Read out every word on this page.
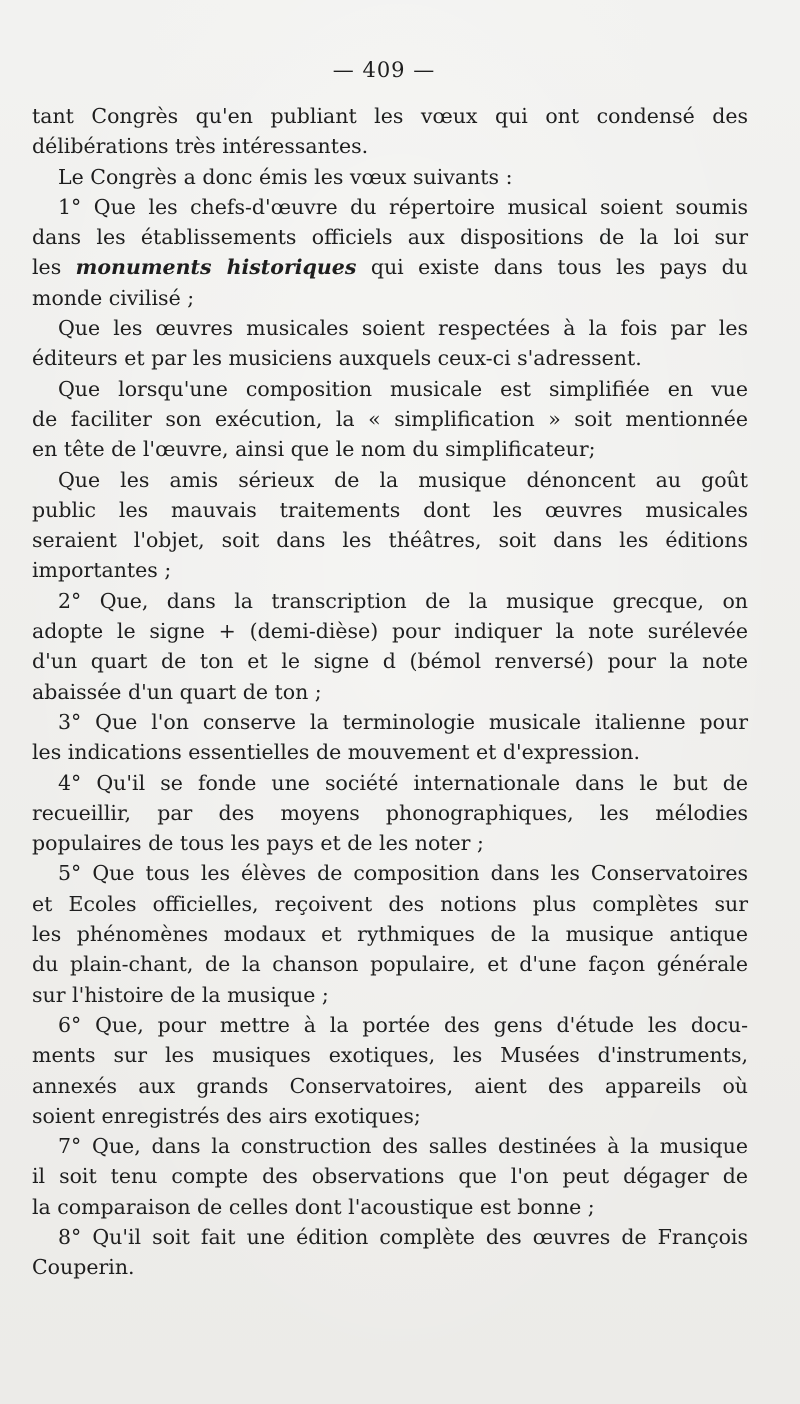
— 409 —
tant Congrès qu'en publiant les vœux qui ont condensé des
délibérations très intéressantes.
Le Congrès a donc émis les vœux suivants :
1° Que les chefs-d'œuvre du répertoire musical soient soumis
dans les établissements officiels aux dispositions de la loi sur
les monuments historiques qui existe dans tous les pays du
monde civilisé ;
Que les œuvres musicales soient respectées à la fois par les
éditeurs et par les musiciens auxquels ceux-ci s'adressent.
Que lorsqu'une composition musicale est simplifiée en vue
de faciliter son exécution, la « simplification » soit mentionnée
en tête de l'œuvre, ainsi que le nom du simplificateur;
Que les amis sérieux de la musique dénoncent au goût
public les mauvais traitements dont les œuvres musicales
seraient l'objet, soit dans les théâtres, soit dans les éditions
importantes ;
2° Que, dans la transcription de la musique grecque, on
adopte le signe + (demi-dièse) pour indiquer la note surélevée
d'un quart de ton et le signe d (bémol renversé) pour la note
abaissée d'un quart de ton ;
3° Que l'on conserve la terminologie musicale italienne pour
les indications essentielles de mouvement et d'expression.
4° Qu'il se fonde une société internationale dans le but de
recueillir, par des moyens phonographiques, les mélodies
populaires de tous les pays et de les noter ;
5° Que tous les élèves de composition dans les Conservatoires
et Ecoles officielles, reçoivent des notions plus complètes sur
les phénomènes modaux et rythmiques de la musique antique
du plain-chant, de la chanson populaire, et d'une façon générale
sur l'histoire de la musique ;
6° Que, pour mettre à la portée des gens d'étude les docu-
ments sur les musiques exotiques, les Musées d'instruments,
annexés aux grands Conservatoires, aient des appareils où
soient enregistrés des airs exotiques;
7° Que, dans la construction des salles destinées à la musique
il soit tenu compte des observations que l'on peut dégager de
la comparaison de celles dont l'acoustique est bonne ;
8° Qu'il soit fait une édition complète des œuvres de François
Couperin.
